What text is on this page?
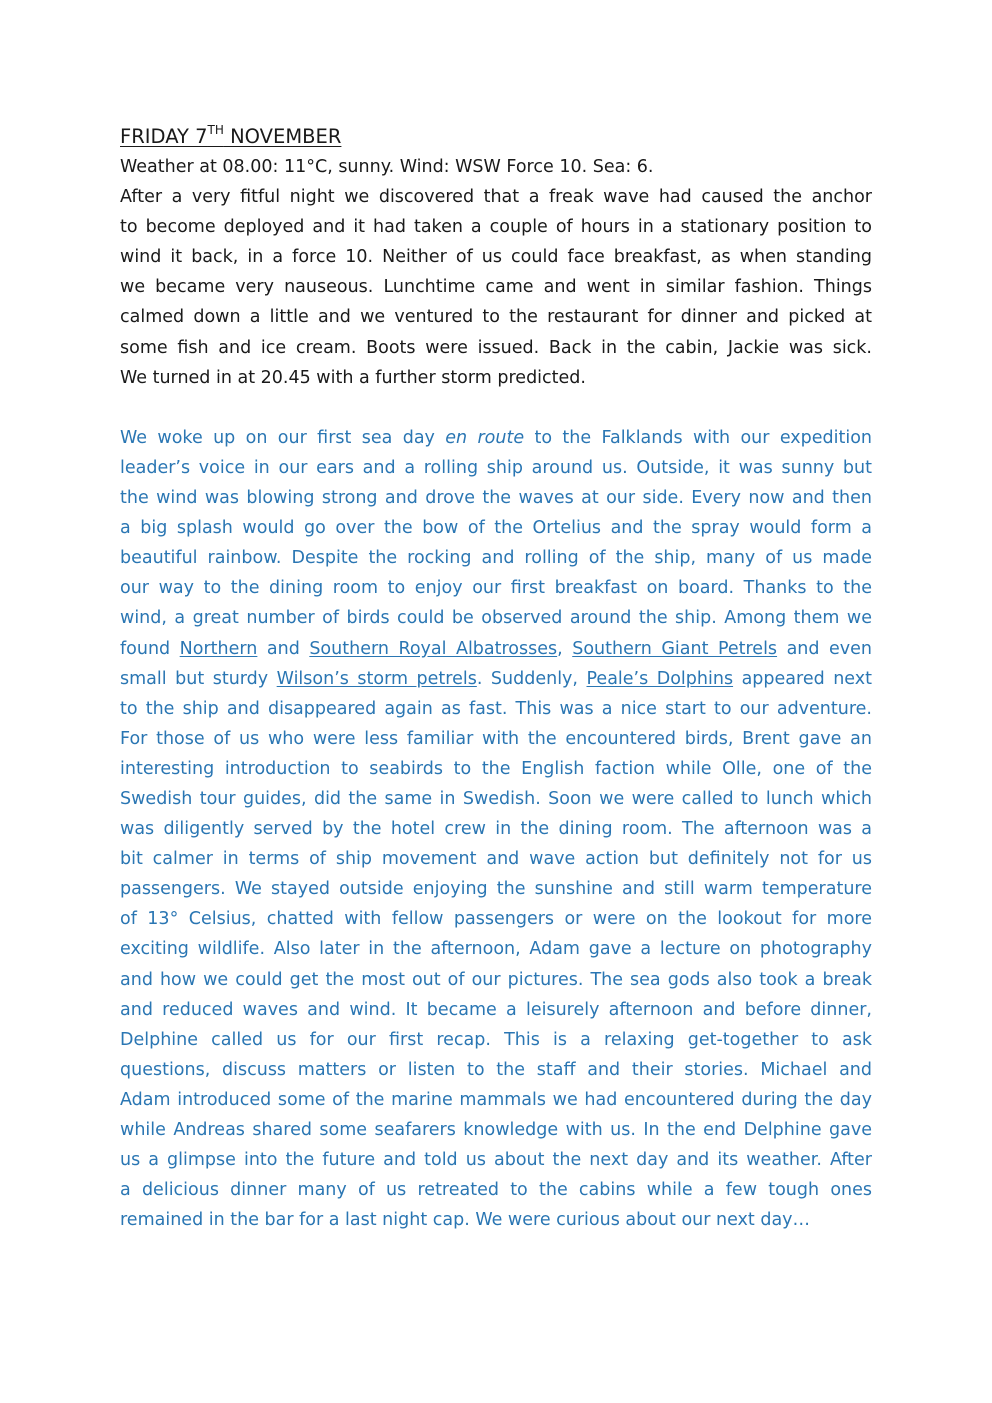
FRIDAY 7TH NOVEMBER

Weather at 08.00: 11°C, sunny. Wind: WSW Force 10. Sea: 6.

After a very fitful night we discovered that a freak wave had caused the anchor
to become deployed and it had taken a couple of hours in a stationary position to
wind it back, in a force 10. Neither of us could face breakfast, as when standing
we became very nauseous. Lunchtime came and went in similar fashion. Things
calmed down a little and we ventured to the restaurant for dinner and picked at
some fish and ice cream. Boots were issued. Back in the cabin, Jackie was sick.
We turned in at 20.45 with a further storm predicted.
We woke up on our first sea day en route to the Falklands with our expedition
leader’s voice in our ears and a rolling ship around us. Outside, it was sunny but
the wind was blowing strong and drove the waves at our side. Every now and then
a big splash would go over the bow of the Ortelius and the spray would form a
beautiful rainbow. Despite the rocking and rolling of the ship, many of us made
our way to the dining room to enjoy our first breakfast on board. Thanks to the
wind, a great number of birds could be observed around the ship. Among them we
found Northern and Southern Royal Albatrosses, Southern Giant Petrels and even
small but sturdy Wilson’s storm petrels. Suddenly, Peale’s Dolphins appeared next
to the ship and disappeared again as fast. This was a nice start to our adventure.
For those of us who were less familiar with the encountered birds, Brent gave an
interesting introduction to seabirds to the English faction while Olle, one of the
Swedish tour guides, did the same in Swedish. Soon we were called to lunch which
was diligently served by the hotel crew in the dining room. The afternoon was a
bit calmer in terms of ship movement and wave action but definitely not for us
passengers. We stayed outside enjoying the sunshine and still warm temperature
of 13° Celsius, chatted with fellow passengers or were on the lookout for more
exciting wildlife. Also later in the afternoon, Adam gave a lecture on photography
and how we could get the most out of our pictures. The sea gods also took a break
and reduced waves and wind. It became a leisurely afternoon and before dinner,
Delphine called us for our first recap. This is a relaxing get-together to ask
questions, discuss matters or listen to the staff and their stories. Michael and
Adam introduced some of the marine mammals we had encountered during the day
while Andreas shared some seafarers knowledge with us. In the end Delphine gave
us a glimpse into the future and told us about the next day and its weather. After
a delicious dinner many of us retreated to the cabins while a few tough ones
remained in the bar for a last night cap. We were curious about our next day…
